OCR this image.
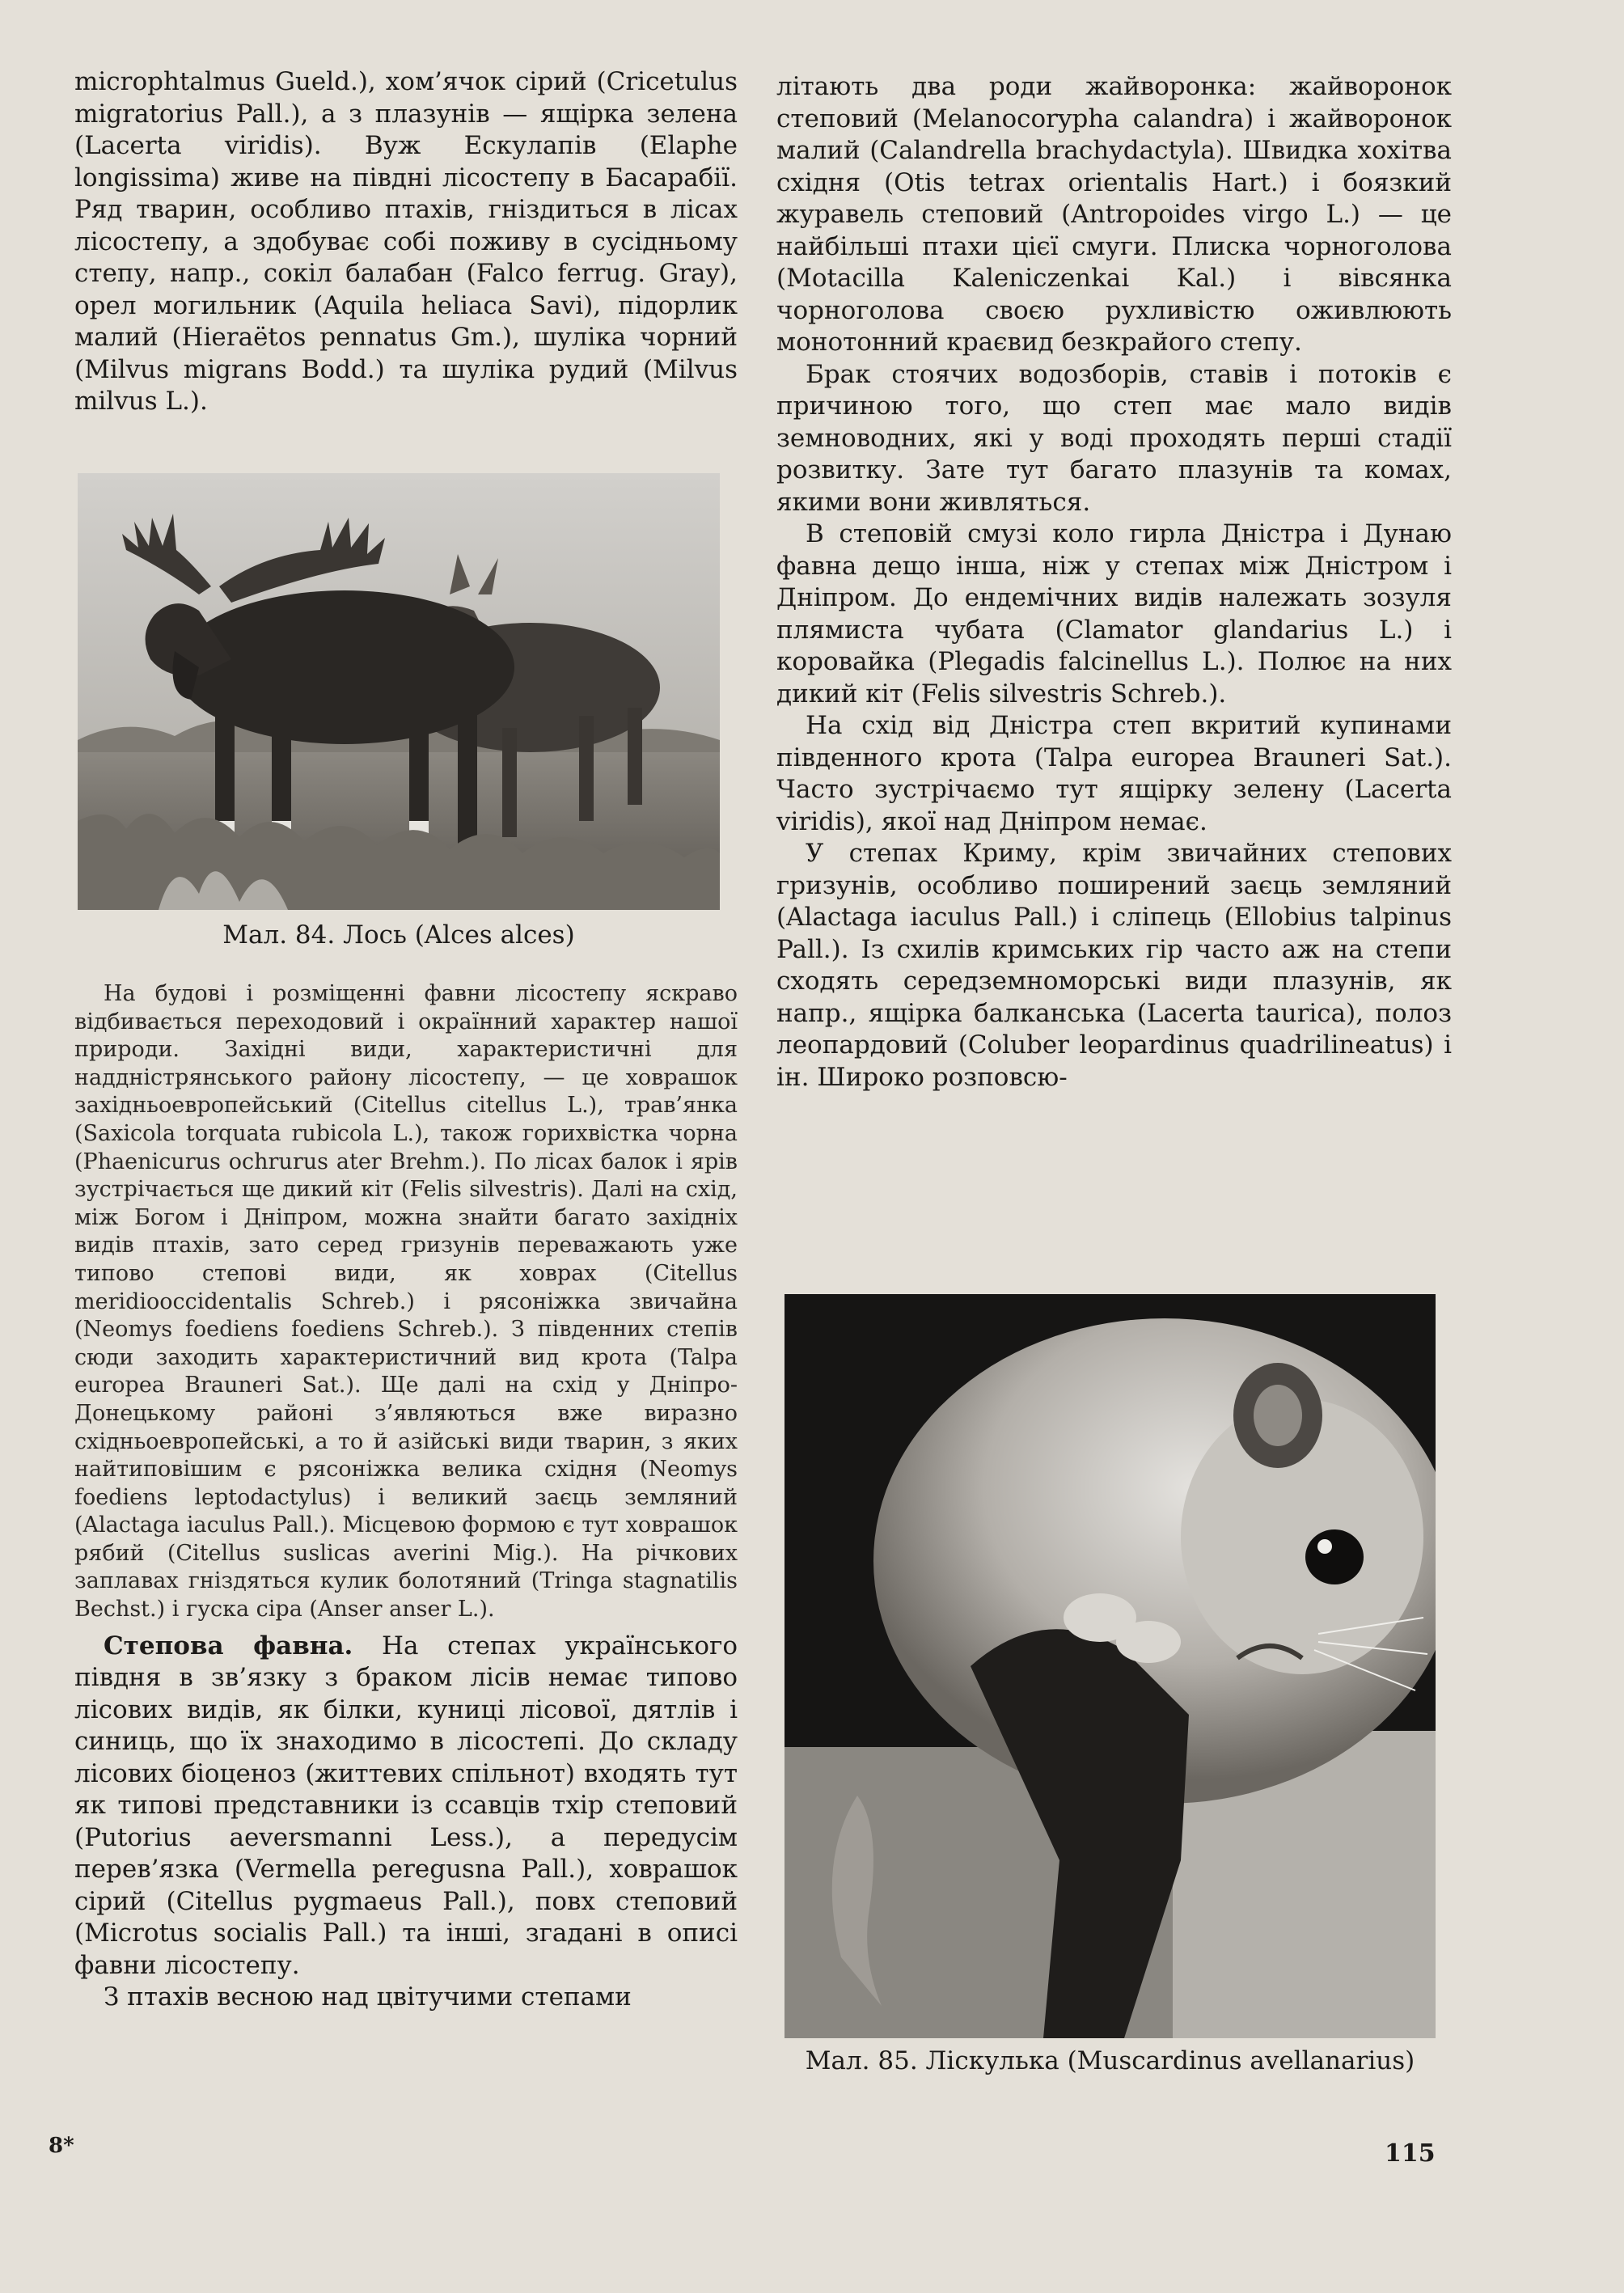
microphtalmus Gueld.), хом’ячок сірий (Cricetulus migratorius Pall.), а з плазунів — ящірка зелена (Lacerta viridis). Вуж Ескулапів (Elaphe longissima) живе на півдні лісостепу в Басарабії. Ряд тварин, особливо птахів, гніздиться в лісах лісостепу, а здобуває собі поживу в сусідньому степу, напр., сокіл балабан (Falco ferrug. Gray), орел могильник (Aquila heliaca Savi), підорлик малий (Hieraëtos pennatus Gm.), шуліка чорний (Milvus migrans Bodd.) та шуліка рудий (Milvus milvus L.).

Мал. 84. Лось (Alces alces)

На будові і розміщенні фавни лісостепу яскраво відбивається переходовий і окраїнний характер нашої природи. Західні види, характеристичні для наддністрянського району лісостепу, — це ховрашок західньоевропейський (Citellus citellus L.), трав’янка (Saxicola torquata rubicola L.), також горихвістка чорна (Phaenicurus ochrurus ater Brehm.). По лісах балок і ярів зустрічається ще дикий кіт (Felis silvestris). Далі на схід, між Богом і Дніпром, можна знайти багато західніх видів птахів, зато серед гризунів переважають уже типово степові види, як ховрах (Citellus meridiooccidentalis Schreb.) і рясоніжка звичайна (Neomys foediens foediens Schreb.). З південних степів сюди заходить характеристичний вид крота (Talpa europea Brauneri Sat.). Ще далі на схід у Дніпро-Донецькому районі з’являються вже виразно східньоевропейські, а то й азійські види тварин, з яких найтиповішим є рясоніжка велика східня (Neomys foediens leptodactylus) і великий заєць земляний (Alactaga iaculus Pall.). Місцевою формою є тут ховрашок рябий (Citellus suslicas averini Mig.). На річкових заплавах гніздяться кулик болотяний (Tringa stagnatilis Bechst.) і гуска сіра (Anser anser L.).

Степова фавна. На степах українського півдня в зв’язку з браком лісів немає типово лісових видів, як білки, куниці лісової, дятлів і синиць, що їх знаходимо в лісостепі. До складу лісових біоценоз (життевих спільнот) входять тут як типові представники із ссавців тхір степовий (Putorius aeversmanni Less.), а передусім перев’язка (Vermella peregusna Pall.), ховрашок сірий (Citellus pygmaeus Pall.), повх степовий (Microtus socialis Pall.) та інші, згадані в описі фавни лісостепу.

З птахів весною над цвітучими степами

літають два роди жайворонка: жайворонок степовий (Melanocorypha calandra) і жайворонок малий (Calandrella brachydactyla). Швидка хохітва східня (Otis tetrax orientalis Hart.) і боязкий журавель степовий (Antropoides virgo L.) — це найбільші птахи цієї смуги. Плиска чорноголова (Motacilla Kaleniczenkai Kal.) і вівсянка чорноголова своєю рухливістю оживлюють монотонний краєвид безкрайого степу.

Брак стоячих водозборів, ставів і потоків є причиною того, що степ має мало видів земноводних, які у воді проходять перші стадії розвитку. Зате тут багато плазунів та комах, якими вони живляться.

В степовій смузі коло гирла Дністра і Дунаю фавна дещо інша, ніж у степах між Дністром і Дніпром. До ендемічних видів належать зозуля плямиста чубата (Clamator glandarius L.) і коровайка (Plegadis falcinellus L.). Полює на них дикий кіт (Felis silvestris Schreb.).

На схід від Дністра степ вкритий купинами південного крота (Talpa europea Brauneri Sat.). Часто зустрічаємо тут ящірку зелену (Lacerta viridis), якої над Дніпром немає.

У степах Криму, крім звичайних степових гризунів, особливо поширений заєць земляний (Alactaga iaculus Pall.) і сліпець (Ellobius talpinus Pall.). Із схилів кримських гір часто аж на степи сходять середземноморські види плазунів, як напр., ящірка балканська (Lacerta taurica), полоз леопардовий (Coluber leopardinus quadrilineatus) і ін. Широко розповсю-

Мал. 85. Ліскулька (Muscardinus avellanarius)

8*	115
